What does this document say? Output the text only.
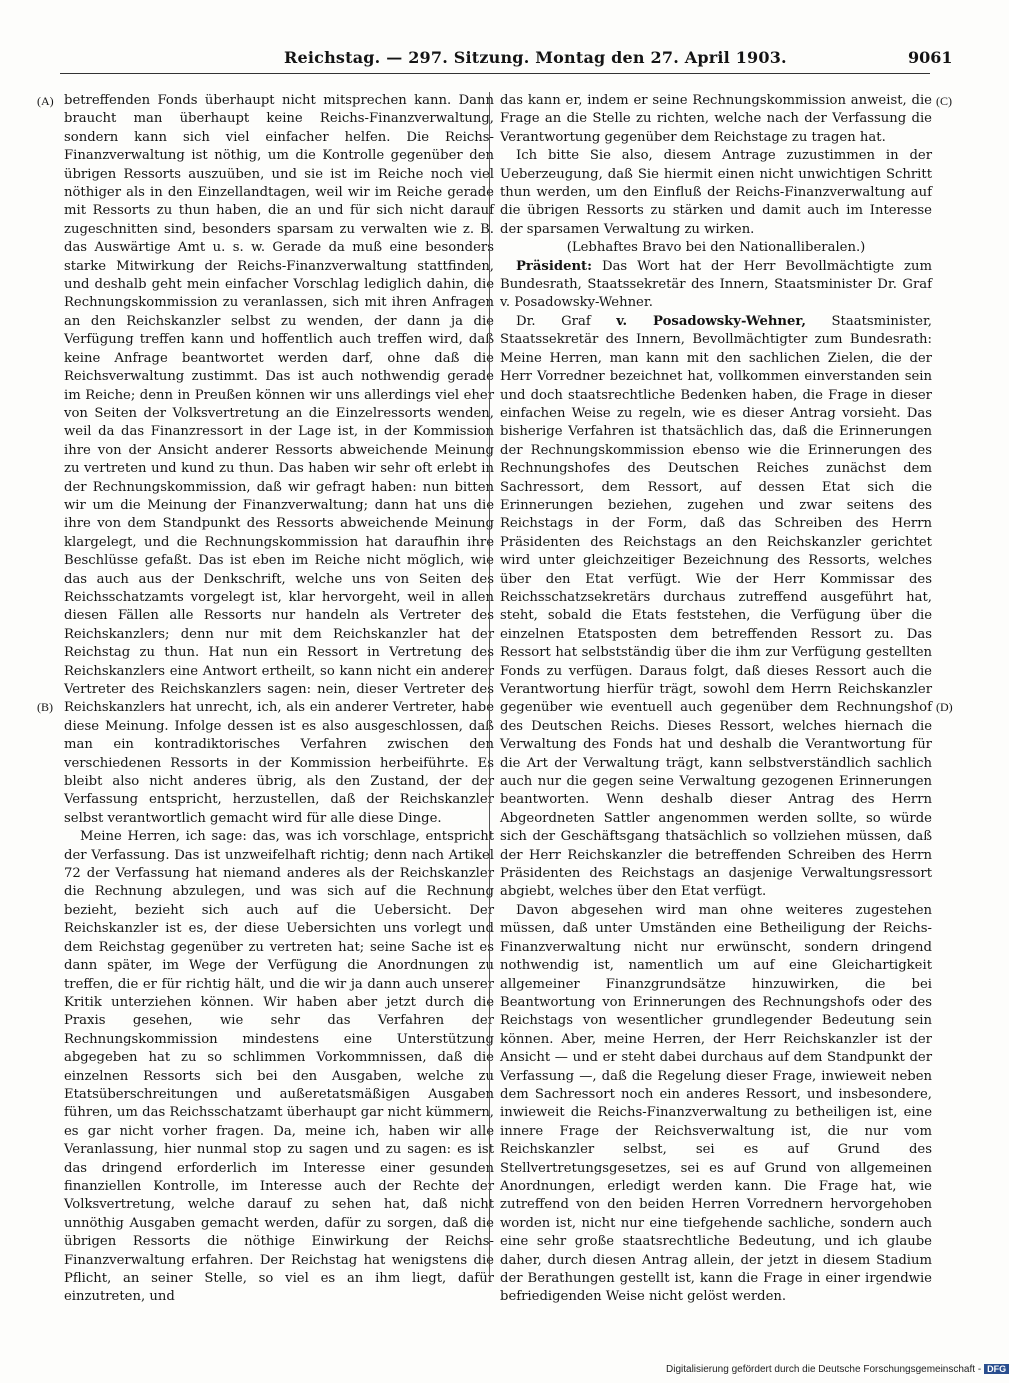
Reichstag. — 297. Sitzung. Montag den 27. April 1903.	9061
(A)
(B)
(C)
(D)

betreffenden Fonds überhaupt nicht mitsprechen kann. Dann braucht man überhaupt keine Reichs-Finanzverwaltung, sondern kann sich viel einfacher helfen. Die Reichs-Finanzverwaltung ist nöthig, um die Kontrolle gegenüber den übrigen Ressorts auszuüben, und sie ist im Reiche noch viel nöthiger als in den Einzellandtagen, weil wir im Reiche gerade mit Ressorts zu thun haben, die an und für sich nicht darauf zugeschnitten sind, besonders sparsam zu verwalten wie z. B. das Auswärtige Amt u. s. w. Gerade da muß eine besonders starke Mitwirkung der Reichs-Finanzverwaltung stattfinden, und deshalb geht mein einfacher Vorschlag lediglich dahin, die Rechnungskommission zu veranlassen, sich mit ihren Anfragen an den Reichskanzler selbst zu wenden, der dann ja die Verfügung treffen kann und hoffentlich auch treffen wird, daß keine Anfrage beantwortet werden darf, ohne daß die Reichsverwaltung zustimmt. Das ist auch nothwendig gerade im Reiche; denn in Preußen können wir uns allerdings viel eher von Seiten der Volksvertretung an die Einzelressorts wenden, weil da das Finanzressort in der Lage ist, in der Kommission ihre von der Ansicht anderer Ressorts abweichende Meinung zu vertreten und kund zu thun. Das haben wir sehr oft erlebt in der Rechnungskommission, daß wir gefragt haben: nun bitten wir um die Meinung der Finanzverwaltung; dann hat uns die ihre von dem Standpunkt des Ressorts abweichende Meinung klargelegt, und die Rechnungskommission hat daraufhin ihre Beschlüsse gefaßt. Das ist eben im Reiche nicht möglich, wie das auch aus der Denkschrift, welche uns von Seiten des Reichsschatzamts vorgelegt ist, klar hervorgeht, weil in allen diesen Fällen alle Ressorts nur handeln als Vertreter des Reichskanzlers; denn nur mit dem Reichskanzler hat der Reichstag zu thun. Hat nun ein Ressort in Vertretung des Reichskanzlers eine Antwort ertheilt, so kann nicht ein anderer Vertreter des Reichskanzlers sagen: nein, dieser Vertreter des Reichskanzlers hat unrecht, ich, als ein anderer Vertreter, habe diese Meinung. Infolge dessen ist es also ausgeschlossen, daß man ein kontradiktorisches Verfahren zwischen den verschiedenen Ressorts in der Kommission herbeiführte. Es bleibt also nicht anderes übrig, als den Zustand, der der Verfassung entspricht, herzustellen, daß der Reichskanzler selbst verantwortlich gemacht wird für alle diese Dinge.

Meine Herren, ich sage: das, was ich vorschlage, entspricht der Verfassung. Das ist unzweifelhaft richtig; denn nach Artikel 72 der Verfassung hat niemand anderes als der Reichskanzler die Rechnung abzulegen, und was sich auf die Rechnung bezieht, bezieht sich auch auf die Uebersicht. Der Reichskanzler ist es, der diese Uebersichten uns vorlegt und dem Reichstag gegenüber zu vertreten hat; seine Sache ist es dann später, im Wege der Verfügung die Anordnungen zu treffen, die er für richtig hält, und die wir ja dann auch unserer Kritik unterziehen können. Wir haben aber jetzt durch die Praxis gesehen, wie sehr das Verfahren der Rechnungskommission mindestens eine Unterstützung abgegeben hat zu so schlimmen Vorkommnissen, daß die einzelnen Ressorts sich bei den Ausgaben, welche zu Etatsüberschreitungen und außeretatsmäßigen Ausgaben führen, um das Reichsschatzamt überhaupt gar nicht kümmern, es gar nicht vorher fragen. Da, meine ich, haben wir alle Veranlassung, hier nunmal stop zu sagen und zu sagen: es ist das dringend erforderlich im Interesse einer gesunden finanziellen Kontrolle, im Interesse auch der Rechte der Volksvertretung, welche darauf zu sehen hat, daß nicht unnöthig Ausgaben gemacht werden, dafür zu sorgen, daß die übrigen Ressorts die nöthige Einwirkung der Reichs-Finanzverwaltung erfahren. Der Reichstag hat wenigstens die Pflicht, an seiner Stelle, so viel es an ihm liegt, dafür einzutreten, und

das kann er, indem er seine Rechnungskommission anweist, die Frage an die Stelle zu richten, welche nach der Verfassung die Verantwortung gegenüber dem Reichstage zu tragen hat.

Ich bitte Sie also, diesem Antrage zuzustimmen in der Ueberzeugung, daß Sie hiermit einen nicht unwichtigen Schritt thun werden, um den Einfluß der Reichs-Finanzverwaltung auf die übrigen Ressorts zu stärken und damit auch im Interesse der sparsamen Verwaltung zu wirken.

(Lebhaftes Bravo bei den Nationalliberalen.)

Präsident: Das Wort hat der Herr Bevollmächtigte zum Bundesrath, Staatssekretär des Innern, Staatsminister Dr. Graf v. Posadowsky-Wehner.

Dr. Graf v. Posadowsky-Wehner, Staatsminister, Staatssekretär des Innern, Bevollmächtigter zum Bundesrath: Meine Herren, man kann mit den sachlichen Zielen, die der Herr Vorredner bezeichnet hat, vollkommen einverstanden sein und doch staatsrechtliche Bedenken haben, die Frage in dieser einfachen Weise zu regeln, wie es dieser Antrag vorsieht. Das bisherige Verfahren ist thatsächlich das, daß die Erinnerungen der Rechnungskommission ebenso wie die Erinnerungen des Rechnungshofes des Deutschen Reiches zunächst dem Sachressort, dem Ressort, auf dessen Etat sich die Erinnerungen beziehen, zugehen und zwar seitens des Reichstags in der Form, daß das Schreiben des Herrn Präsidenten des Reichstags an den Reichskanzler gerichtet wird unter gleichzeitiger Bezeichnung des Ressorts, welches über den Etat verfügt. Wie der Herr Kommissar des Reichsschatzsekretärs durchaus zutreffend ausgeführt hat, steht, sobald die Etats feststehen, die Verfügung über die einzelnen Etatsposten dem betreffenden Ressort zu. Das Ressort hat selbstständig über die ihm zur Verfügung gestellten Fonds zu verfügen. Daraus folgt, daß dieses Ressort auch die Verantwortung hierfür trägt, sowohl dem Herrn Reichskanzler gegenüber wie eventuell auch gegenüber dem Rechnungshof des Deutschen Reichs. Dieses Ressort, welches hiernach die Verwaltung des Fonds hat und deshalb die Verantwortung für die Art der Verwaltung trägt, kann selbstverständlich sachlich auch nur die gegen seine Verwaltung gezogenen Erinnerungen beantworten. Wenn deshalb dieser Antrag des Herrn Abgeordneten Sattler angenommen werden sollte, so würde sich der Geschäftsgang thatsächlich so vollziehen müssen, daß der Herr Reichskanzler die betreffenden Schreiben des Herrn Präsidenten des Reichstags an dasjenige Verwaltungsressort abgiebt, welches über den Etat verfügt.

Davon abgesehen wird man ohne weiteres zugestehen müssen, daß unter Umständen eine Betheiligung der Reichs-Finanzverwaltung nicht nur erwünscht, sondern dringend nothwendig ist, namentlich um auf eine Gleichartigkeit allgemeiner Finanzgrundsätze hinzuwirken, die bei Beantwortung von Erinnerungen des Rechnungshofs oder des Reichstags von wesentlicher grundlegender Bedeutung sein können. Aber, meine Herren, der Herr Reichskanzler ist der Ansicht — und er steht dabei durchaus auf dem Standpunkt der Verfassung —, daß die Regelung dieser Frage, inwieweit neben dem Sachressort noch ein anderes Ressort, und insbesondere, inwieweit die Reichs-Finanzverwaltung zu betheiligen ist, eine innere Frage der Reichsverwaltung ist, die nur vom Reichskanzler selbst, sei es auf Grund des Stellvertretungsgesetzes, sei es auf Grund von allgemeinen Anordnungen, erledigt werden kann. Die Frage hat, wie zutreffend von den beiden Herren Vorrednern hervorgehoben worden ist, nicht nur eine tiefgehende sachliche, sondern auch eine sehr große staatsrechtliche Bedeutung, und ich glaube daher, durch diesen Antrag allein, der jetzt in diesem Stadium der Berathungen gestellt ist, kann die Frage in einer irgendwie befriedigenden Weise nicht gelöst werden.

Digitalisierung gefördert durch die Deutsche Forschungsgemeinschaft - DFG
